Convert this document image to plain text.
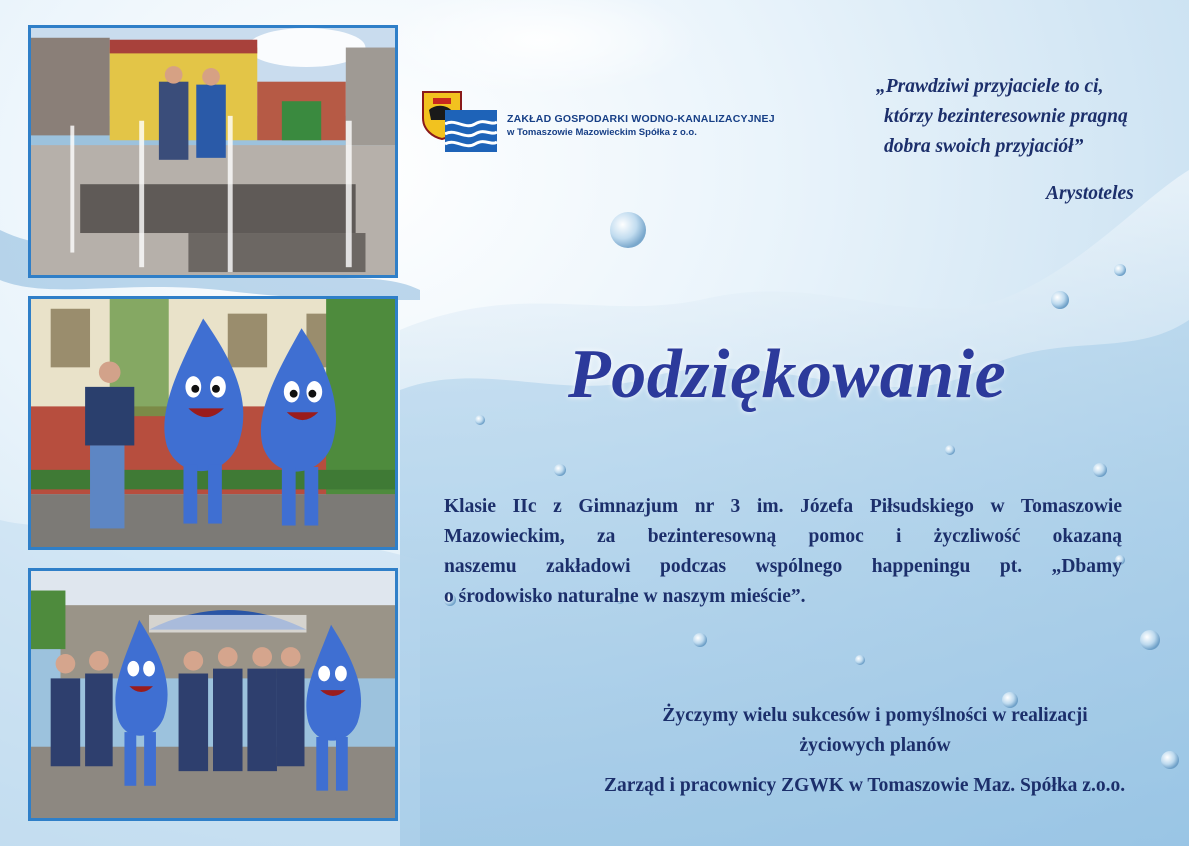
ZAKŁAD GOSPODARKI WODNO-KANALIZACYJNEJ
w Tomaszowie Mazowieckim Spółka z o.o.
„Prawdziwi przyjaciele to ci,
którzy bezinteresownie pragną
dobra swoich przyjaciół”
Arystoteles
Podziękowanie
Klasie IIc z Gimnazjum nr 3 im. Józefa Piłsudskiego w Tomaszowie
Mazowieckim, za bezinteresowną pomoc i życzliwość okazaną
naszemu zakładowi podczas wspólnego happeningu pt. „Dbamy
o środowisko naturalne w naszym mieście”.
Życzymy wielu sukcesów i pomyślności w realizacji
życiowych planów
Zarząd i pracownicy ZGWK w Tomaszowie Maz. Spółka z.o.o.
